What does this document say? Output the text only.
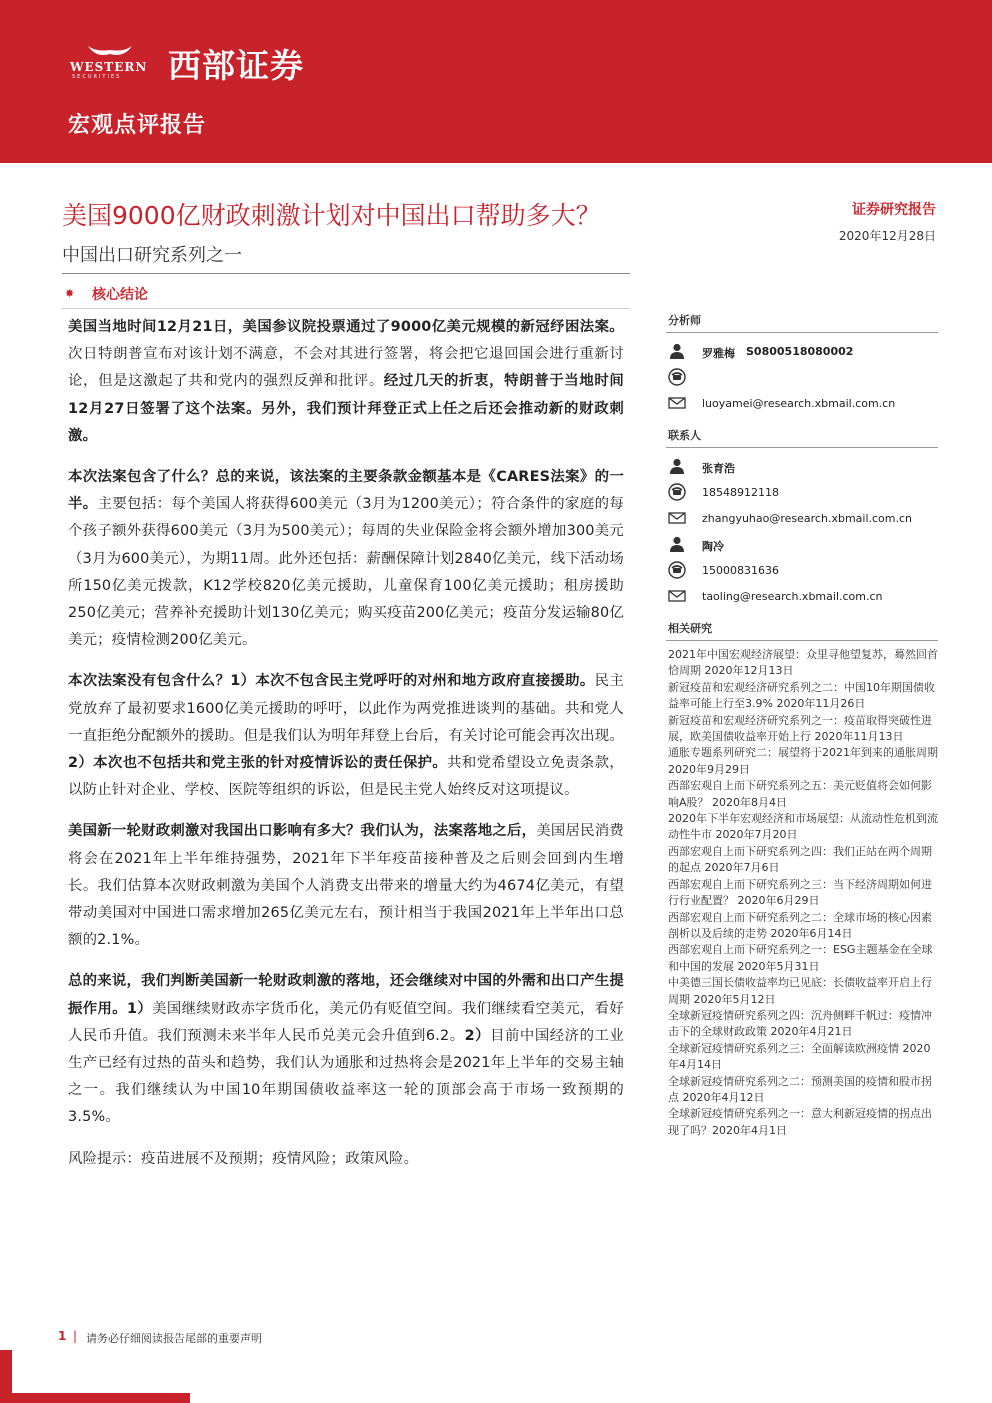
WESTERN
SECURITIES 西部证券
宏观点评报告
美国9000亿财政刺激计划对中国出口帮助多大？
中国出口研究系列之一
证券研究报告
2020年12月28日
✸ 核心结论

美国当地时间12月21日，美国参议院投票通过了9000亿美元规模的新冠纾困法案。次日特朗普宣布对该计划不满意，不会对其进行签署，将会把它退回国会进行重新讨论，但是这激起了共和党内的强烈反弹和批评。经过几天的折衷，特朗普于当地时间12月27日签署了这个法案。另外，我们预计拜登正式上任之后还会推动新的财政刺激。

本次法案包含了什么？总的来说，该法案的主要条款金额基本是《CARES法案》的一半。主要包括：每个美国人将获得600美元（3月为1200美元）；符合条件的家庭的每个孩子额外获得600美元（3月为500美元）；每周的失业保险金将会额外增加300美元（3月为600美元），为期11周。此外还包括：薪酬保障计划2840亿美元，线下活动场所150亿美元拨款，K12学校820亿美元援助，儿童保育100亿美元援助；租房援助250亿美元；营养补充援助计划130亿美元；购买疫苗200亿美元；疫苗分发运输80亿美元；疫情检测200亿美元。

本次法案没有包含什么？1）本次不包含民主党呼吁的对州和地方政府直接援助。民主党放弃了最初要求1600亿美元援助的呼吁，以此作为两党推进谈判的基础。共和党人一直拒绝分配额外的援助。但是我们认为明年拜登上台后，有关讨论可能会再次出现。2）本次也不包括共和党主张的针对疫情诉讼的责任保护。共和党希望设立免责条款，以防止针对企业、学校、医院等组织的诉讼，但是民主党人始终反对这项提议。

美国新一轮财政刺激对我国出口影响有多大？我们认为，法案落地之后，美国居民消费将会在2021年上半年维持强势，2021年下半年疫苗接种普及之后则会回到内生增长。我们估算本次财政刺激为美国个人消费支出带来的增量大约为4674亿美元，有望带动美国对中国进口需求增加265亿美元左右，预计相当于我国2021年上半年出口总额的2.1%。

总的来说，我们判断美国新一轮财政刺激的落地，还会继续对中国的外需和出口产生提振作用。1）美国继续财政赤字货币化，美元仍有贬值空间。我们继续看空美元，看好人民币升值。我们预测未来半年人民币兑美元会升值到6.2。2）目前中国经济的工业生产已经有过热的苗头和趋势，我们认为通胀和过热将会是2021年上半年的交易主轴之一。我们继续认为中国10年期国债收益率这一轮的顶部会高于市场一致预期的3.5%。

风险提示：疫苗进展不及预期；疫情风险；政策风险。

分析师
罗雅梅 S0800518080002
luoyamei@research.xbmail.com.cn
联系人
张育浩
18548912118
zhangyuhao@research.xbmail.com.cn
陶冷
15000831636
taoling@research.xbmail.com.cn
相关研究
2021年中国宏观经济展望：众里寻他望复苏，蓦然回首恰周期 2020年12月13日
新冠疫苗和宏观经济研究系列之二：中国10年期国债收益率可能上行至3.9% 2020年11月26日
新冠疫苗和宏观经济研究系列之一：疫苗取得突破性进展，欧美国债收益率开始上行 2020年11月13日
通胀专题系列研究二：展望将于2021年到来的通胀周期 2020年9月29日
西部宏观自上而下研究系列之五：美元贬值将会如何影响A股？ 2020年8月4日
2020年下半年宏观经济和市场展望：从流动性危机到流动性牛市 2020年7月20日
西部宏观自上而下研究系列之四：我们正站在两个周期的起点 2020年7月6日
西部宏观自上而下研究系列之三：当下经济周期如何进行行业配置？ 2020年6月29日
西部宏观自上而下研究系列之二：全球市场的核心因素剖析以及后续的走势 2020年6月14日
西部宏观自上而下研究系列之一：ESG主题基金在全球和中国的发展 2020年5月31日
中美德三国长债收益率均已见底：长债收益率开启上行周期 2020年5月12日
全球新冠疫情研究系列之四：沉舟侧畔千帆过：疫情冲击下的全球财政政策 2020年4月21日
全球新冠疫情研究系列之三：全面解读欧洲疫情 2020年4月14日
全球新冠疫情研究系列之二：预测美国的疫情和股市拐点 2020年4月12日
全球新冠疫情研究系列之一：意大利新冠疫情的拐点出现了吗？2020年4月1日
1 | 请务必仔细阅读报告尾部的重要声明
